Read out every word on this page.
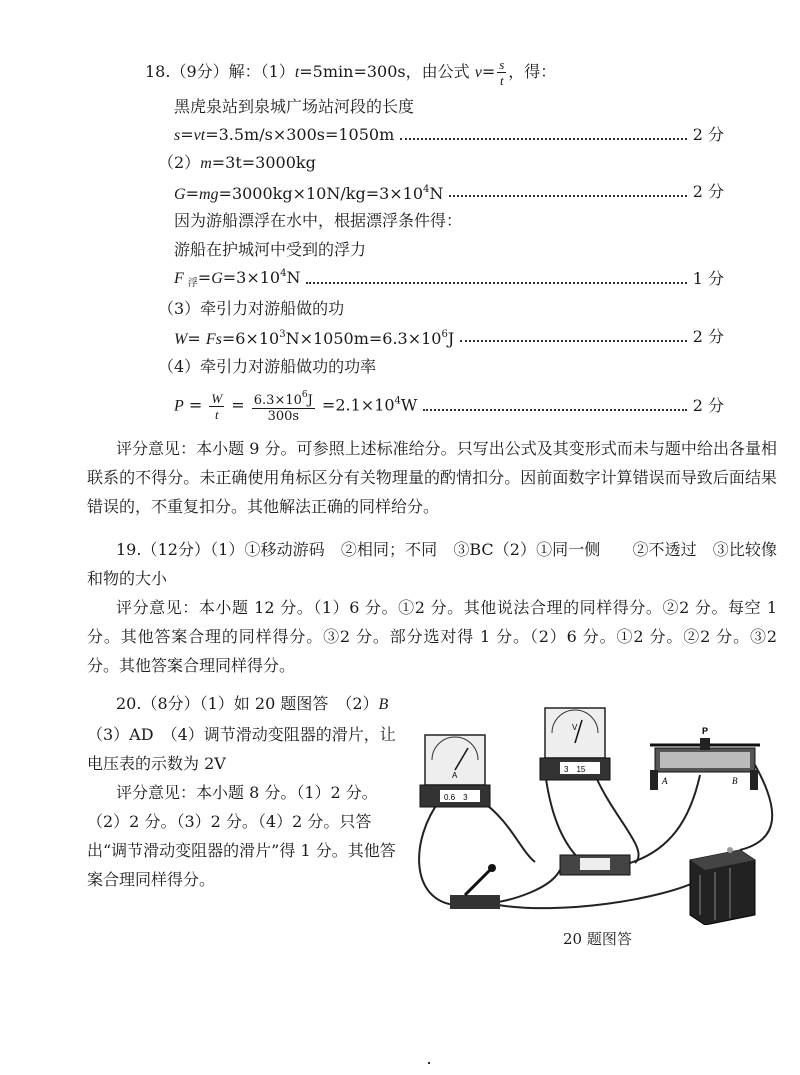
18.（9分）解：（1）t=5min=300s，由公式 $v= \frac{s}{t}$ ，得：
黑虎泉站到泉城广场站河段的长度
s=vt=3.5m/s×300s=1050m	2 分
（2）m=3t=3000kg
$G=mg=3000kg\times 10N/kg=3\times 10^4N$	2 分
因为游船漂浮在水中，根据漂浮条件得：
游船在护城河中受到的浮力
F $_浮=G=3\times 10^4N$	1 分
（3）牵引力对游船做的功
$W= Fs=6\times 10^3N\times 1050m=6.3\times 10^6J$	2 分
（4）牵引力对游船做功的功率
$P = \frac{W}{t} = \frac{6.3\times 10^6J}{300s} =2.1\times 10^4W$	2 分
评分意见：本小题 9 分。可参照上述标准给分。只写出公式及其变形式而未与题中给出各量相联系的不得分。未正确使用角标区分有关物理量的酌情扣分。因前面数字计算错误而导致后面结果错误的，不重复扣分。其他解法正确的同样给分。
19.（12分）（1）①移动游码　②相同；不同　③BC（2）①同一侧　　②不透过　③比较像和物的大小
评分意见：本小题 12 分。（1）6 分。①2 分。其他说法合理的同样得分。②2 分。每空 1 分。其他答案合理的同样得分。③2 分。部分选对得 1 分。（2）6 分。①2 分。②2 分。③2 分。其他答案合理同样得分。
20.（8分）（1）如 20 题图答　（2）B
（3）AD　（4）调节滑动变阻器的滑片，让电压表的示数为 2V
评分意见：本小题 8 分。（1）2 分。（2）2 分。（3）2 分。（4）2 分。只答出“调节滑动变阻器的滑片”得 1 分。其他答案合理同样得分。
A
0.6　3
V
3　15
P
A	B
20 题图答
